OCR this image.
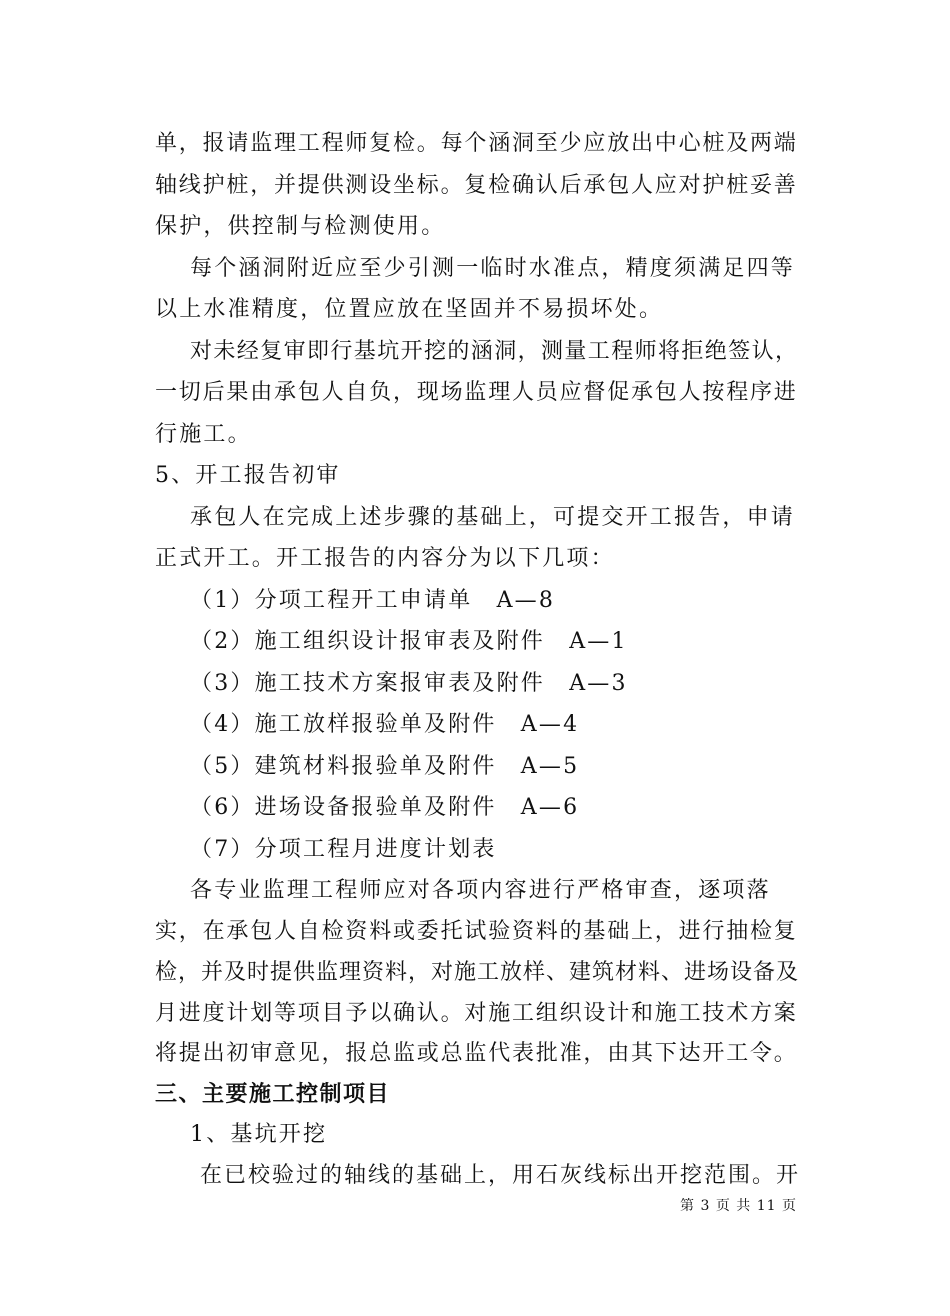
单，报请监理工程师复检。每个涵洞至少应放出中心桩及两端
轴线护桩，并提供测设坐标。复检确认后承包人应对护桩妥善
保护，供控制与检测使用。
每个涵洞附近应至少引测一临时水准点，精度须满足四等
以上水准精度，位置应放在坚固并不易损坏处。
对未经复审即行基坑开挖的涵洞，测量工程师将拒绝签认，
一切后果由承包人自负，现场监理人员应督促承包人按程序进
行施工。
5、开工报告初审
承包人在完成上述步骤的基础上，可提交开工报告，申请
正式开工。开工报告的内容分为以下几项：
（1）分项工程开工申请单　A—8
（2）施工组织设计报审表及附件　A—1
（3）施工技术方案报审表及附件　A—3
（4）施工放样报验单及附件　A—4
（5）建筑材料报验单及附件　A—5
（6）进场设备报验单及附件　A—6
（7）分项工程月进度计划表
各专业监理工程师应对各项内容进行严格审查，逐项落
实，在承包人自检资料或委托试验资料的基础上，进行抽检复
检，并及时提供监理资料，对施工放样、建筑材料、进场设备及
月进度计划等项目予以确认。对施工组织设计和施工技术方案
将提出初审意见，报总监或总监代表批准，由其下达开工令。
三、主要施工控制项目
1、基坑开挖
在已校验过的轴线的基础上，用石灰线标出开挖范围。开
第 3 页 共 11 页
